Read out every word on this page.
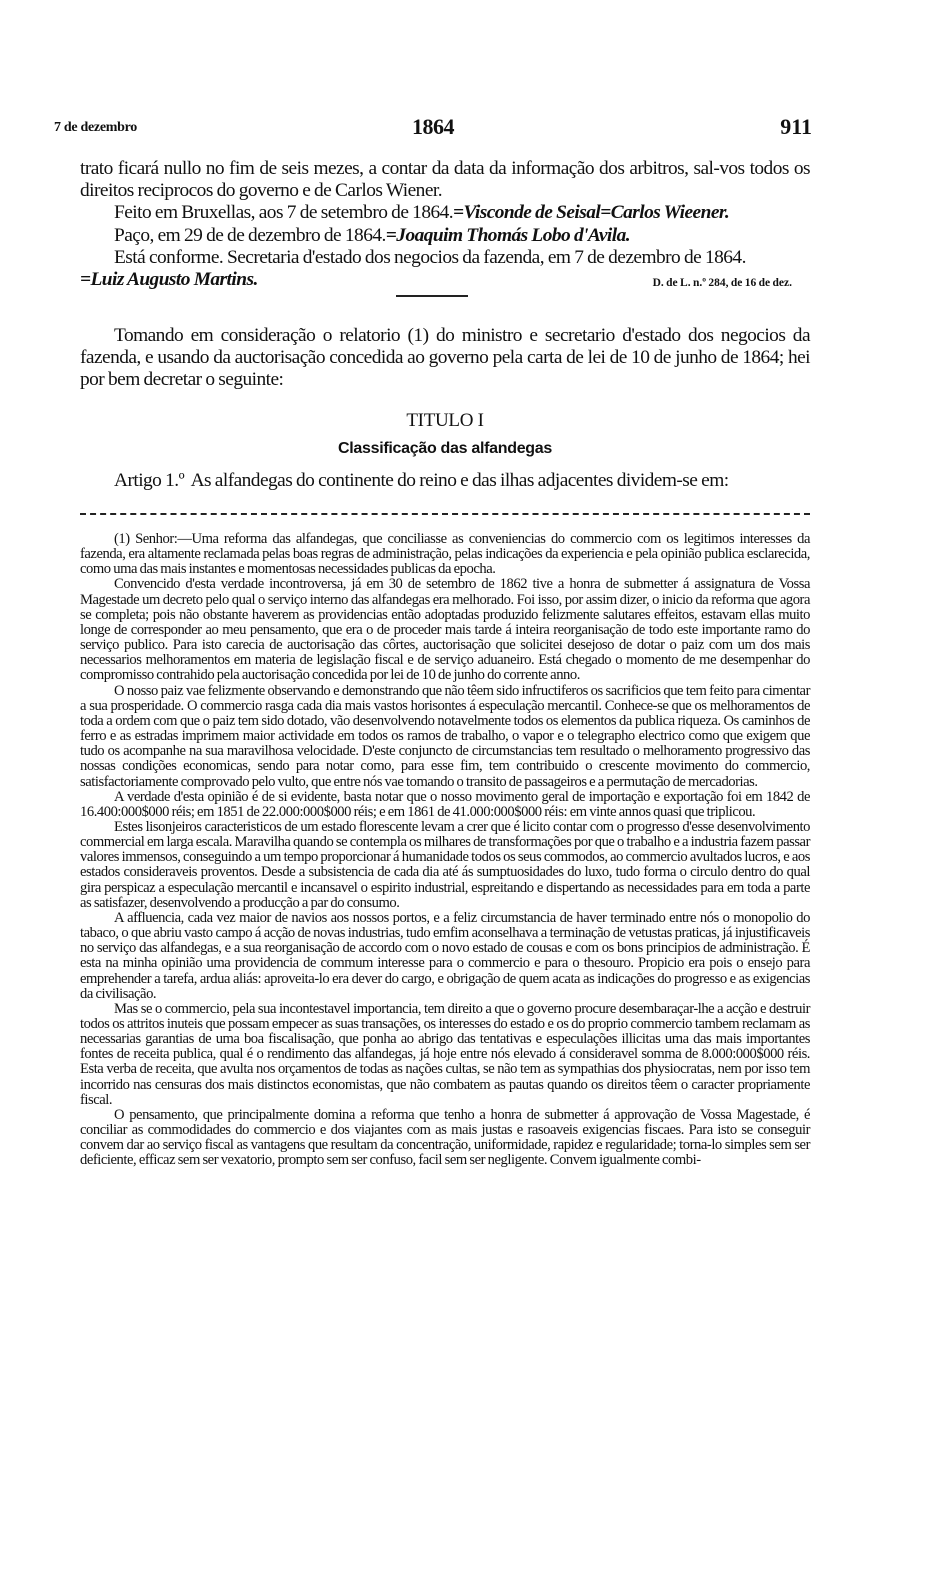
7 de dezembro	1864	911

trato ficará nullo no fim de seis mezes, a contar da data da informação dos arbitros, sal-vos todos os direitos reciprocos do governo e de Carlos Wiener.

Feito em Bruxellas, aos 7 de setembro de 1864.=Visconde de Seisal=Carlos Wieener.

Paço, em 29 de de dezembro de 1864.=Joaquim Thomás Lobo d'Avila.

Está conforme. Secretaria d'estado dos negocios da fazenda, em 7 de dezembro de 1864.

=Luiz Augusto Martins.	D. de L. n.º 284, de 16 de dez.

Tomando em consideração o relatorio (1) do ministro e secretario d'estado dos negocios da fazenda, e usando da auctorisação concedida ao governo pela carta de lei de 10 de junho de 1864; hei por bem decretar o seguinte:

TITULO I
Classificação das alfandegas

Artigo 1.º As alfandegas do continente do reino e das ilhas adjacentes dividem-se em:

(1) Senhor:—Uma reforma das alfandegas, que conciliasse as conveniencias do commercio com os legitimos interesses da fazenda, era altamente reclamada pelas boas regras de administração, pelas indicações da experiencia e pela opinião publica esclarecida, como uma das mais instantes e momentosas necessidades publicas da epocha.

Convencido d'esta verdade incontroversa, já em 30 de setembro de 1862 tive a honra de submetter á assignatura de Vossa Magestade um decreto pelo qual o serviço interno das alfandegas era melhorado. Foi isso, por assim dizer, o inicio da reforma que agora se completa; pois não obstante haverem as providencias então adoptadas produzido felizmente salutares effeitos, estavam ellas muito longe de corresponder ao meu pensamento, que era o de proceder mais tarde á inteira reorganisação de todo este importante ramo do serviço publico. Para isto carecia de auctorisação das côrtes, auctorisação que solicitei desejoso de dotar o paiz com um dos mais necessarios melhoramentos em materia de legislação fiscal e de serviço aduaneiro. Está chegado o momento de me desempenhar do compromisso contrahido pela auctorisação concedida por lei de 10 de junho do corrente anno.

O nosso paiz vae felizmente observando e demonstrando que não têem sido infructiferos os sacrificios que tem feito para cimentar a sua prosperidade. O commercio rasga cada dia mais vastos horisontes á especulação mercantil. Conhece-se que os melhoramentos de toda a ordem com que o paiz tem sido dotado, vão desenvolvendo notavelmente todos os elementos da publica riqueza. Os caminhos de ferro e as estradas imprimem maior actividade em todos os ramos de trabalho, o vapor e o telegrapho electrico como que exigem que tudo os acompanhe na sua maravilhosa velocidade. D'este conjuncto de circumstancias tem resultado o melhoramento progressivo das nossas condições economicas, sendo para notar como, para esse fim, tem contribuido o crescente movimento do commercio, satisfactoriamente comprovado pelo vulto, que entre nós vae tomando o transito de passageiros e a permutação de mercadorias.

A verdade d'esta opinião é de si evidente, basta notar que o nosso movimento geral de importação e exportação foi em 1842 de 16.400:000$000 réis; em 1851 de 22.000:000$000 réis; e em 1861 de 41.000:000$000 réis: em vinte annos quasi que triplicou.

Estes lisonjeiros caracteristicos de um estado florescente levam a crer que é licito contar com o progresso d'esse desenvolvimento commercial em larga escala. Maravilha quando se contempla os milhares de transformações por que o trabalho e a industria fazem passar valores immensos, conseguindo a um tempo proporcionar á humanidade todos os seus commodos, ao commercio avultados lucros, e aos estados consideraveis proventos. Desde a subsistencia de cada dia até ás sumptuosidades do luxo, tudo forma o circulo dentro do qual gira perspicaz a especulação mercantil e incansavel o espirito industrial, espreitando e dispertando as necessidades para em toda a parte as satisfazer, desenvolvendo a producção a par do consumo.

A affluencia, cada vez maior de navios aos nossos portos, e a feliz circumstancia de haver terminado entre nós o monopolio do tabaco, o que abriu vasto campo á acção de novas industrias, tudo emfim aconselhava a terminação de vetustas praticas, já injustificaveis no serviço das alfandegas, e a sua reorganisação de accordo com o novo estado de cousas e com os bons principios de administração. É esta na minha opinião uma providencia de commum interesse para o commercio e para o thesouro. Propicio era pois o ensejo para emprehender a tarefa, ardua aliás: aproveita-lo era dever do cargo, e obrigação de quem acata as indicações do progresso e as exigencias da civilisação.

Mas se o commercio, pela sua incontestavel importancia, tem direito a que o governo procure desembaraçar-lhe a acção e destruir todos os attritos inuteis que possam empecer as suas transações, os interesses do estado e os do proprio commercio tambem reclamam as necessarias garantias de uma boa fiscalisação, que ponha ao abrigo das tentativas e especulações illicitas uma das mais importantes fontes de receita publica, qual é o rendimento das alfandegas, já hoje entre nós elevado á consideravel somma de 8.000:000$000 réis. Esta verba de receita, que avulta nos orçamentos de todas as nações cultas, se não tem as sympathias dos physiocratas, nem por isso tem incorrido nas censuras dos mais distinctos economistas, que não combatem as pautas quando os direitos têem o caracter propriamente fiscal.

O pensamento, que principalmente domina a reforma que tenho a honra de submetter á approvação de Vossa Magestade, é conciliar as commodidades do commercio e dos viajantes com as mais justas e rasoaveis exigencias fiscaes. Para isto se conseguir convem dar ao serviço fiscal as vantagens que resultam da concentração, uniformidade, rapidez e regularidade; torna-lo simples sem ser deficiente, efficaz sem ser vexatorio, prompto sem ser confuso, facil sem ser negligente. Convem igualmente combi-
